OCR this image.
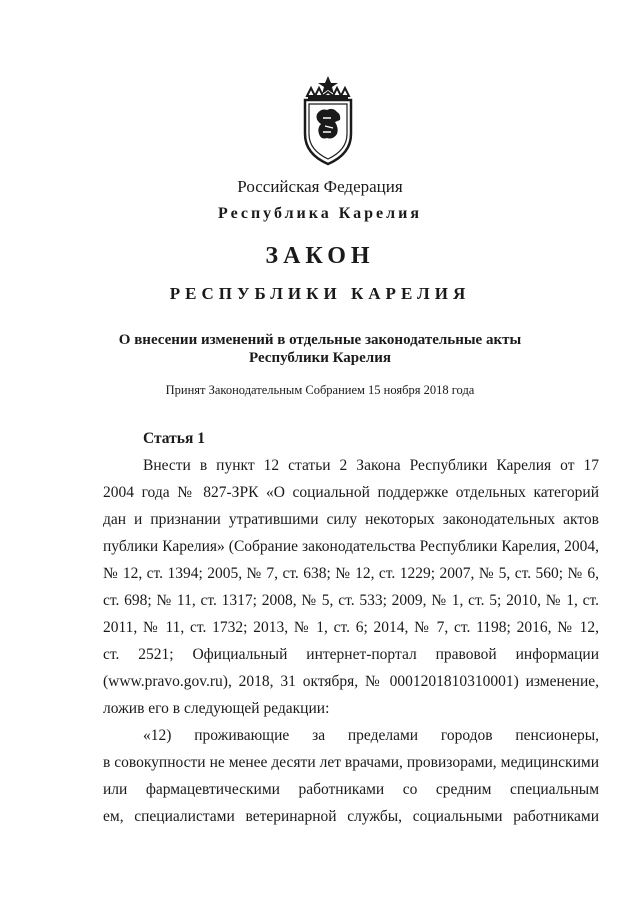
Российская Федерация
Республика Карелия
ЗАКОН
РЕСПУБЛИКИ КАРЕЛИЯ
О внесении изменений в отдельные законодательные акты
Республики Карелия
Принят Законодательным Собранием 15 ноября 2018 года
Статья 1
Внести в пункт 12 статьи 2 Закона Республики Карелия от 17
2004 года № 827-ЗРК «О социальной поддержке отдельных категорий
дан и признании утратившими силу некоторых законодательных актов
публики Карелия» (Собрание законодательства Республики Карелия, 2004,
№ 12, ст. 1394; 2005, № 7, ст. 638; № 12, ст. 1229; 2007, № 5, ст. 560; № 6,
ст. 698; № 11, ст. 1317; 2008, № 5, ст. 533; 2009, № 1, ст. 5; 2010, № 1, ст.
2011, № 11, ст. 1732; 2013, № 1, ст. 6; 2014, № 7, ст. 1198; 2016, № 12,
ст. 2521; Официальный интернет-портал правовой информации
(www.pravo.gov.ru), 2018, 31 октября, № 0001201810310001) изменение,
ложив его в следующей редакции:
«12) проживающие за пределами городов пенсионеры,
в совокупности не менее десяти лет врачами, провизорами, медицинскими
или фармацевтическими работниками со средним специальным
ем, специалистами ветеринарной службы, социальными работниками
